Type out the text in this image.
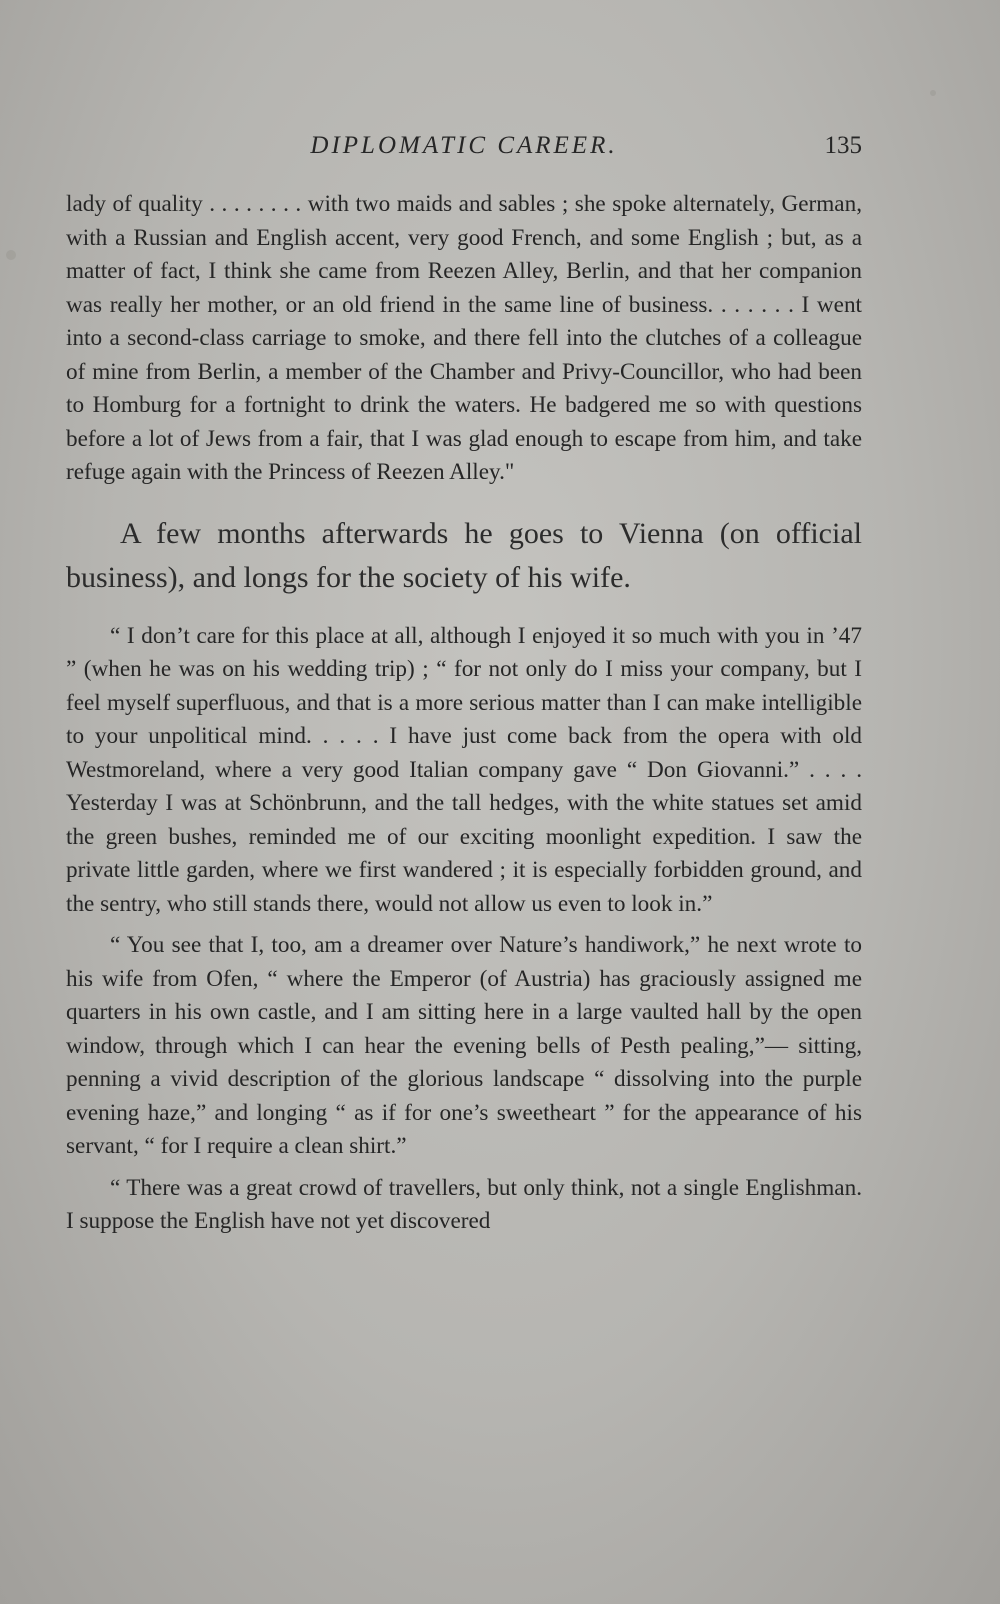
DIPLOMATIC CAREER.	135

lady of quality . . . . . . . . with two maids and sables ; she spoke alternately, German, with a Russian and English accent, very good French, and some English ; but, as a matter of fact, I think she came from Reezen Alley, Berlin, and that her companion was really her mother, or an old friend in the same line of business. . . . . . . I went into a second-class carriage to smoke, and there fell into the clutches of a colleague of mine from Berlin, a member of the Chamber and Privy-Councillor, who had been to Homburg for a fortnight to drink the waters. He badgered me so with questions before a lot of Jews from a fair, that I was glad enough to escape from him, and take refuge again with the Princess of Reezen Alley."

A few months afterwards he goes to Vienna (on official business), and longs for the society of his wife.

“ I don’t care for this place at all, although I enjoyed it so much with you in ’47 ” (when he was on his wedding trip) ; “ for not only do I miss your company, but I feel myself superfluous, and that is a more serious matter than I can make intelligible to your unpolitical mind. . . . . I have just come back from the opera with old Westmoreland, where a very good Italian company gave “ Don Giovanni.” . . . . Yesterday I was at Schönbrunn, and the tall hedges, with the white statues set amid the green bushes, reminded me of our exciting moonlight expedition. I saw the private little garden, where we first wandered ; it is especially forbidden ground, and the sentry, who still stands there, would not allow us even to look in.”

“ You see that I, too, am a dreamer over Nature’s handiwork,” he next wrote to his wife from Ofen, “ where the Emperor (of Austria) has graciously assigned me quarters in his own castle, and I am sitting here in a large vaulted hall by the open window, through which I can hear the evening bells of Pesth pealing,”— sitting, penning a vivid description of the glorious landscape “ dissolving into the purple evening haze,” and longing “ as if for one’s sweetheart ” for the appearance of his servant, “ for I require a clean shirt.”

“ There was a great crowd of travellers, but only think, not a single Englishman. I suppose the English have not yet discovered
